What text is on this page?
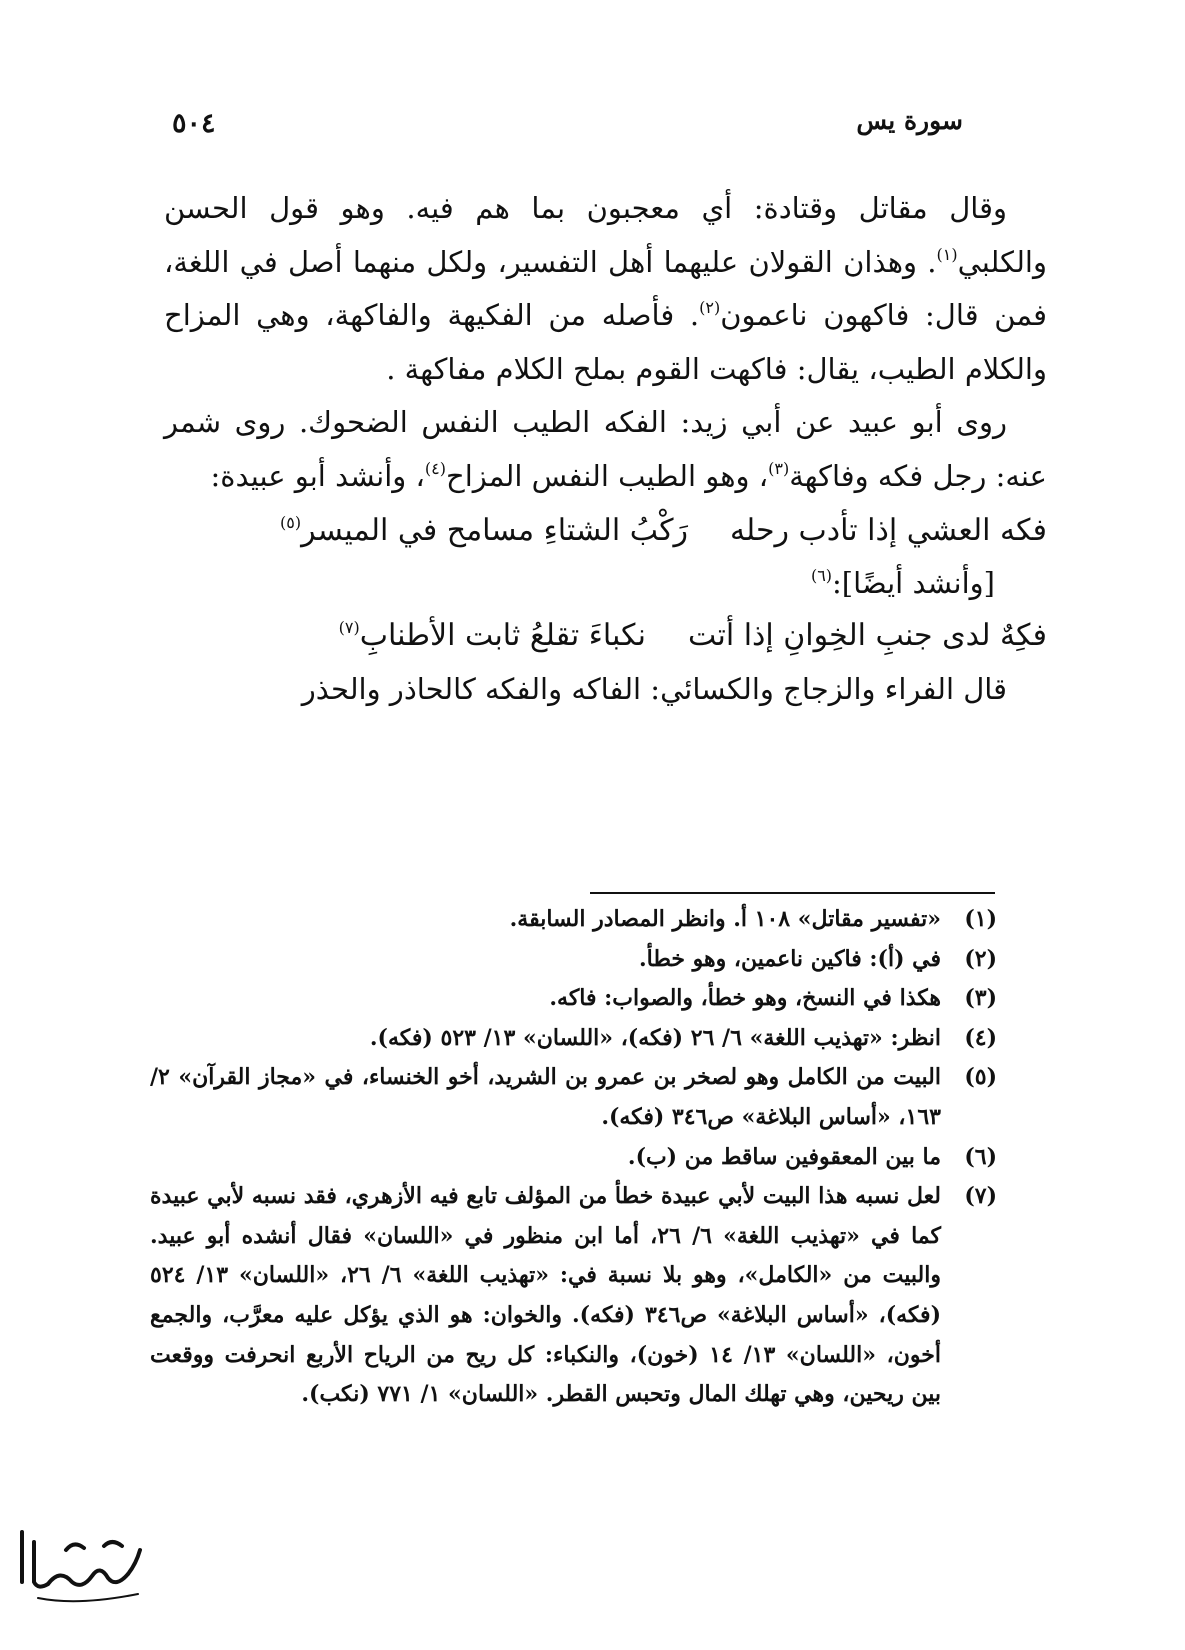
سورة يس
٥٠٤

وقال مقاتل وقتادة: أي معجبون بما هم فيه. وهو قول الحسن والكلبي$^{(١)}$. وهذان القولان عليهما أهل التفسير، ولكل منهما أصل في اللغة، فمن قال: فاكهون ناعمون$^{(٢)}$. فأصله من الفكيهة والفاكهة، وهي المزاح والكلام الطيب، يقال: فاكهت القوم بملح الكلام مفاكهة .

روى أبو عبيد عن أبي زيد: الفكه الطيب النفس الضحوك. روى شمر عنه: رجل فكه وفاكهة$^{(٣)}$، وهو الطيب النفس المزاح$^{(٤)}$، وأنشد أبو عبيدة:

فكه العشي إذا تأدب رحلهرَكْبُ الشتاءِ مسامح في الميسر$^{(٥)}$

[وأنشد أيضًا]:$^{(٦)}$

فكِهٌ لدى جنبِ الخِوانِ إذا أتتنكباءَ تقلعُ ثابت الأطنابِ$^{(٧)}$

قال الفراء والزجاج والكسائي: الفاكه والفكه كالحاذر والحذر

(١)
«تفسير مقاتل» ١٠٨ أ. وانظر المصادر السابقة.
(٢)
في (أ): فاكين ناعمين، وهو خطأ.
(٣)
هكذا في النسخ، وهو خطأ، والصواب: فاكه.
(٤)
انظر: «تهذيب اللغة» ٦/ ٢٦ (فكه)، «اللسان» ١٣/ ٥٢٣ (فكه).
(٥)
البيت من الكامل وهو لصخر بن عمرو بن الشريد، أخو الخنساء، في «مجاز القرآن» ٢/ ١٦٣، «أساس البلاغة» ص٣٤٦ (فكه).
(٦)
ما بين المعقوفين ساقط من (ب).
(٧)
لعل نسبه هذا البيت لأبي عبيدة خطأ من المؤلف تابع فيه الأزهري، فقد نسبه لأبي عبيدة كما في «تهذيب اللغة» ٦/ ٢٦، أما ابن منظور في «اللسان» فقال أنشده أبو عبيد. والبيت من «الكامل»، وهو بلا نسبة في: «تهذيب اللغة» ٦/ ٢٦، «اللسان» ١٣/ ٥٢٤ (فكه)، «أساس البلاغة» ص٣٤٦ (فكه). والخوان: هو الذي يؤكل عليه معرَّب، والجمع أخون، «اللسان» ١٣/ ١٤ (خون)، والنكباء: كل ريح من الرياح الأربع انحرفت ووقعت بين ريحين، وهي تهلك المال وتحبس القطر. «اللسان» ١/ ٧٧١ (نكب).
